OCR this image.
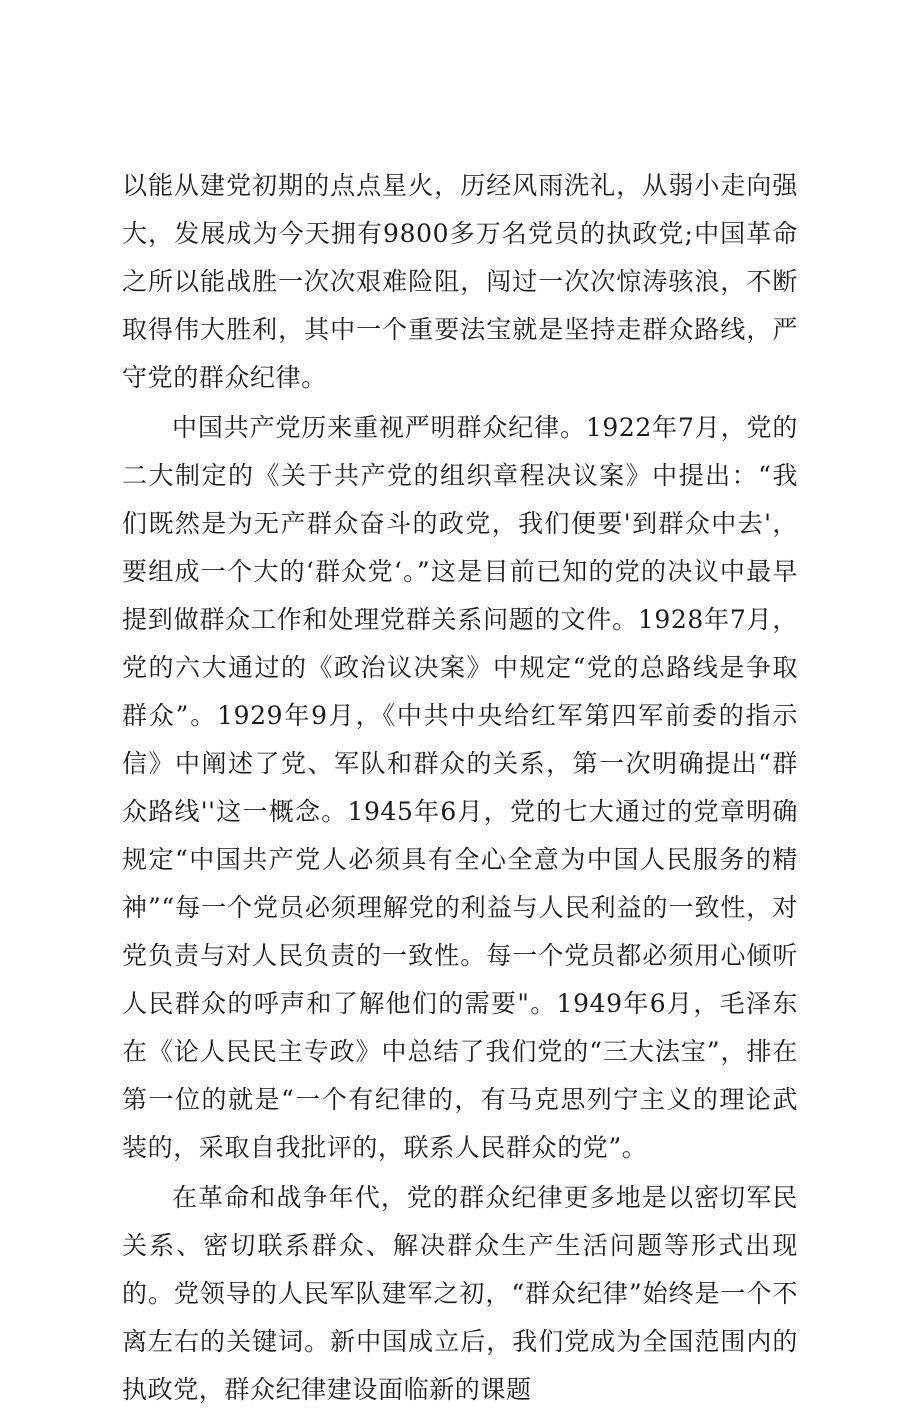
以能从建党初期的点点星火，历经风雨洗礼，从弱小走向强大，发展成为今天拥有9800多万名党员的执政党;中国革命之所以能战胜一次次艰难险阻，闯过一次次惊涛骇浪，不断取得伟大胜利，其中一个重要法宝就是坚持走群众路线，严守党的群众纪律。

中国共产党历来重视严明群众纪律。1922年7月，党的二大制定的《关于共产党的组织章程决议案》中提出：“我们既然是为无产群众奋斗的政党，我们便要'到群众中去'，要组成一个大的‘群众党‘。”这是目前已知的党的决议中最早提到做群众工作和处理党群关系问题的文件。1928年7月，党的六大通过的《政治议决案》中规定“党的总路线是争取群众”。1929年9月，《中共中央给红军第四军前委的指示信》中阐述了党、军队和群众的关系，第一次明确提出“群众路线''这一概念。1945年6月，党的七大通过的党章明确规定“中国共产党人必须具有全心全意为中国人民服务的精神”“每一个党员必须理解党的利益与人民利益的一致性，对党负责与对人民负责的一致性。每一个党员都必须用心倾听人民群众的呼声和了解他们的需要"。1949年6月，毛泽东在《论人民民主专政》中总结了我们党的“三大法宝”，排在第一位的就是“一个有纪律的，有马克思列宁主义的理论武装的，采取自我批评的，联系人民群众的党”。

在革命和战争年代，党的群众纪律更多地是以密切军民关系、密切联系群众、解决群众生产生活问题等形式出现的。党领导的人民军队建军之初，“群众纪律”始终是一个不离左右的关键词。新中国成立后，我们党成为全国范围内的执政党，群众纪律建设面临新的课题
